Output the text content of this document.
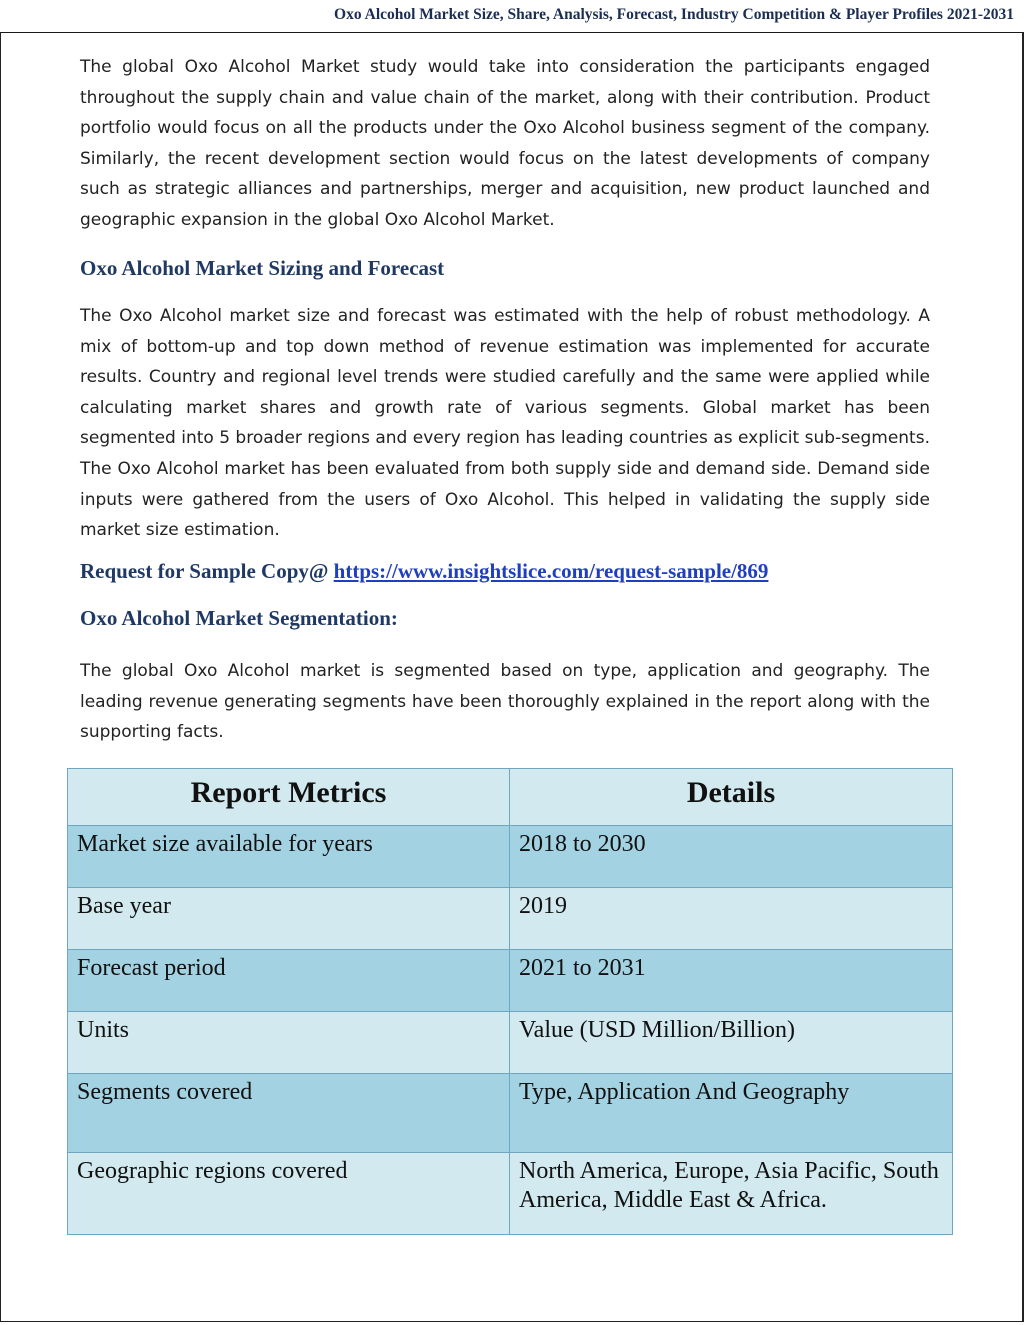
Oxo Alcohol Market Size, Share, Analysis, Forecast, Industry Competition & Player Profiles 2021-2031

The global Oxo Alcohol Market study would take into consideration the participants engaged throughout the supply chain and value chain of the market, along with their contribution. Product portfolio would focus on all the products under the Oxo Alcohol business segment of the company. Similarly, the recent development section would focus on the latest developments of company such as strategic alliances and partnerships, merger and acquisition, new product launched and geographic expansion in the global Oxo Alcohol Market.

Oxo Alcohol Market Sizing and Forecast

The Oxo Alcohol market size and forecast was estimated with the help of robust methodology. A mix of bottom-up and top down method of revenue estimation was implemented for accurate results. Country and regional level trends were studied carefully and the same were applied while calculating market shares and growth rate of various segments. Global market has been segmented into 5 broader regions and every region has leading countries as explicit sub-segments. The Oxo Alcohol market has been evaluated from both supply side and demand side. Demand side inputs were gathered from the users of Oxo Alcohol. This helped in validating the supply side market size estimation.

Request for Sample Copy@ https://www.insightslice.com/request-sample/869
Oxo Alcohol Market Segmentation:

The global Oxo Alcohol market is segmented based on type, application and geography. The leading revenue generating segments have been thoroughly explained in the report along with the supporting facts.

Report Metrics	Details
Market size available for years	2018 to 2030
Base year	2019
Forecast period	2021 to 2031
Units	Value (USD Million/Billion)
Segments covered	Type, Application And Geography
Geographic regions covered	North America, Europe, Asia Pacific, South America, Middle East & Africa.
